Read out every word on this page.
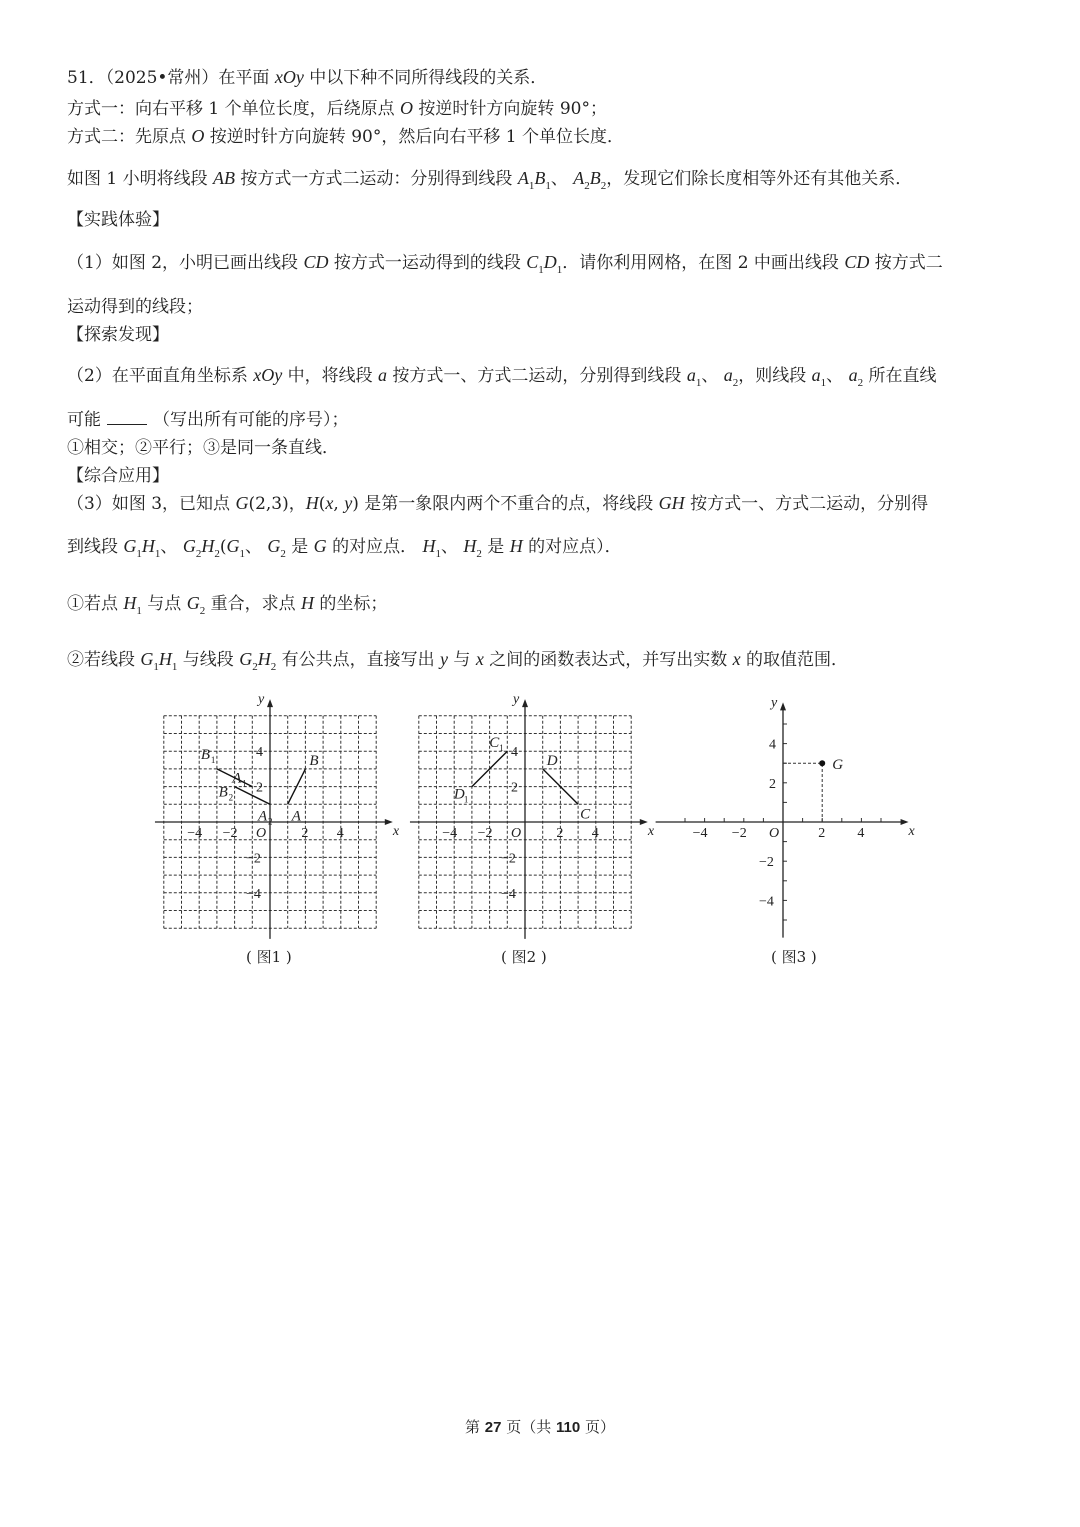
51．（2025•常州）在平面 xOy 中以下种不同所得线段的关系．
方式一：向右平移 1 个单位长度，后绕原点 O 按逆时针方向旋转 90°；
方式二：先原点 O 按逆时针方向旋转 90°，然后向右平移 1 个单位长度．
如图 1 小明将线段 AB 按方式一方式二运动：分别得到线段 $A_1B_1$、 $A_2B_2$，发现它们除长度相等外还有其他关系．
【实践体验】
（1）如图 2，小明已画出线段 CD 按方式一运动得到的线段 $C_1D_1$．请你利用网格，在图 2 中画出线段 CD 按方式二
运动得到的线段；
【探索发现】
（2）在平面直角坐标系 xOy 中，将线段 a 按方式一、方式二运动，分别得到线段 $a_1$、 $a_2$，则线段 $a_1$、 $a_2$ 所在直线
可能	（写出所有可能的序号）；
①相交；②平行；③是同一条直线．
【综合应用】
（3）如图 3，已知点 G(2,3)，H(x, y) 是第一象限内两个不重合的点，将线段 GH 按方式一、方式二运动，分别得
到线段 $G_1H_1$、 $G_2H_2(G_1$、 $G_2$ 是 G 的对应点． $H_1$、 $H_2$ 是 H 的对应点）．
①若点 $H_1$ 与点 $G_2$ 重合，求点 H 的坐标；
②若线段 $G_1H_1$ 与线段 $G_2H_2$ 有公共点，直接写出 y 与 x 之间的函数表达式，并写出实数 x 的取值范围．
x
y
O
−4 −2	2 4
4
2
−2
−4
A
B
A 1
B 1
A 2
B 2
( 图1 )
x
y
O
−4 −2	2 4
4
2
−2
−4
C
D
C 1
D 1
( 图2 )
x
y
O
−4 −2	2 4
4
2
−2
−4
G
( 图3 )
第 27 页（共 110 页）
